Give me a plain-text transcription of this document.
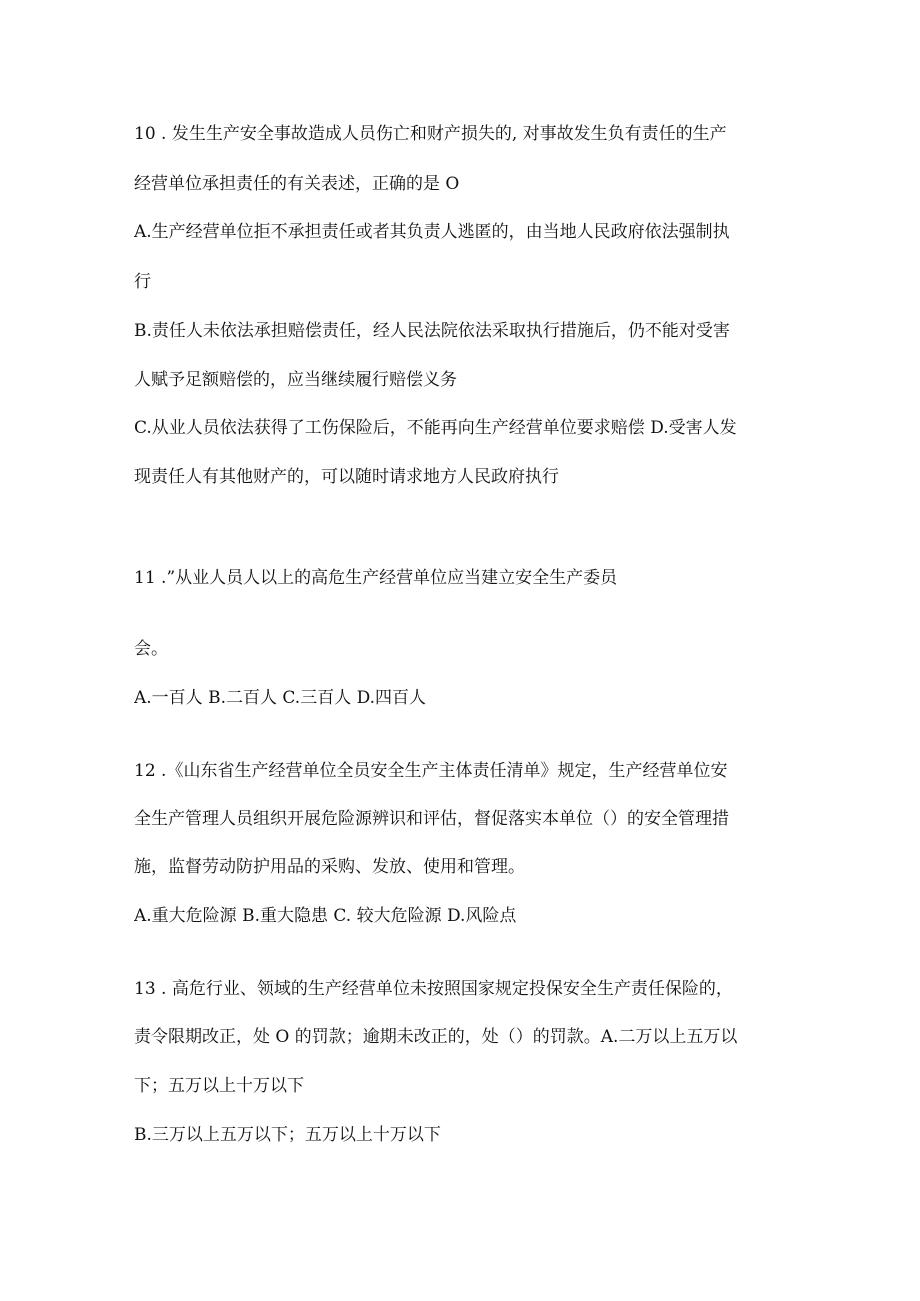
10 . 发生生产安全事故造成人员伤亡和财产损失的, 对事故发生负有责任的生产
经营单位承担责任的有关表述，正确的是 O
A.生产经营单位拒不承担责任或者其负责人逃匿的，由当地人民政府依法强制执
行
B.责任人未依法承担赔偿责任，经人民法院依法采取执行措施后，仍不能对受害
人赋予足额赔偿的，应当继续履行赔偿义务
C.从业人员依法获得了工伤保险后，不能再向生产经营单位要求赔偿 D.受害人发
现责任人有其他财产的，可以随时请求地方人民政府执行
11 .”从业人员人以上的高危生产经营单位应当建立安全生产委员
会。
A.一百人 B.二百人 C.三百人 D.四百人
12 .《山东省生产经营单位全员安全生产主体责任清单》规定，生产经营单位安
全生产管理人员组织开展危险源辨识和评估，督促落实本单位（）的安全管理措
施，监督劳动防护用品的采购、发放、使用和管理。
A.重大危险源 B.重大隐患 C. 较大危险源 D.风险点
13 . 高危行业、领域的生产经营单位未按照国家规定投保安全生产责任保险的，
责令限期改正，处 O 的罚款；逾期未改正的，处（）的罚款。A.二万以上五万以
下；五万以上十万以下
B.三万以上五万以下；五万以上十万以下
